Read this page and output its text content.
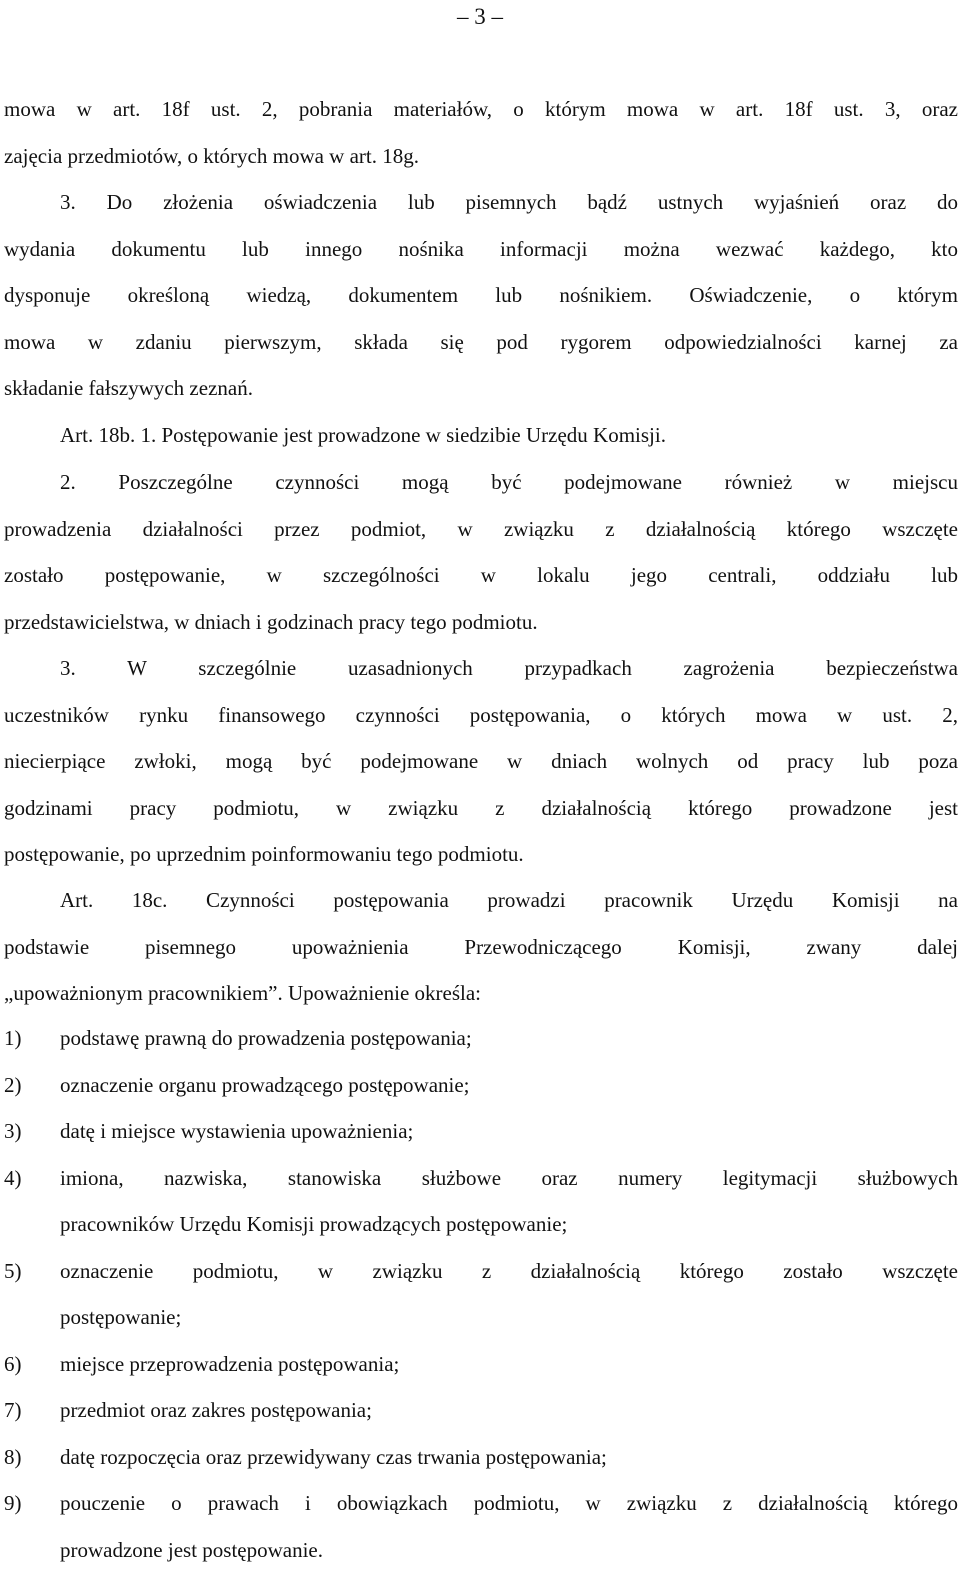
– 3 –

mowa w art. 18f ust. 2, pobrania materiałów, o którym mowa w art. 18f ust. 3, oraz

zajęcia przedmiotów, o których mowa w art. 18g.

3. Do złożenia oświadczenia lub pisemnych bądź ustnych wyjaśnień oraz do

wydania dokumentu lub innego nośnika informacji można wezwać każdego, kto

dysponuje określoną wiedzą, dokumentem lub nośnikiem. Oświadczenie, o którym

mowa w zdaniu pierwszym, składa się pod rygorem odpowiedzialności karnej za

składanie fałszywych zeznań.

Art. 18b. 1. Postępowanie jest prowadzone w siedzibie Urzędu Komisji.

2. Poszczególne czynności mogą być podejmowane również w miejscu

prowadzenia działalności przez podmiot, w związku z działalnością którego wszczęte

zostało postępowanie, w szczególności w lokalu jego centrali, oddziału lub

przedstawicielstwa, w dniach i godzinach pracy tego podmiotu.

3. W szczególnie uzasadnionych przypadkach zagrożenia bezpieczeństwa

uczestników rynku finansowego czynności postępowania, o których mowa w ust. 2,

niecierpiące zwłoki, mogą być podejmowane w dniach wolnych od pracy lub poza

godzinami pracy podmiotu, w związku z działalnością którego prowadzone jest

postępowanie, po uprzednim poinformowaniu tego podmiotu.

Art. 18c. Czynności postępowania prowadzi pracownik Urzędu Komisji na

podstawie pisemnego upoważnienia Przewodniczącego Komisji, zwany dalej

„upoważnionym pracownikiem”. Upoważnienie określa:

1) podstawę prawną do prowadzenia postępowania;
2) oznaczenie organu prowadzącego postępowanie;
3) datę i miejsce wystawienia upoważnienia;
4) imiona, nazwiska, stanowiska służbowe oraz numery legitymacji służbowych
pracowników Urzędu Komisji prowadzących postępowanie;
5) oznaczenie podmiotu, w związku z działalnością którego zostało wszczęte
postępowanie;
6) miejsce przeprowadzenia postępowania;
7) przedmiot oraz zakres postępowania;
8) datę rozpoczęcia oraz przewidywany czas trwania postępowania;
9) pouczenie o prawach i obowiązkach podmiotu, w związku z działalnością którego
prowadzone jest postępowanie.
